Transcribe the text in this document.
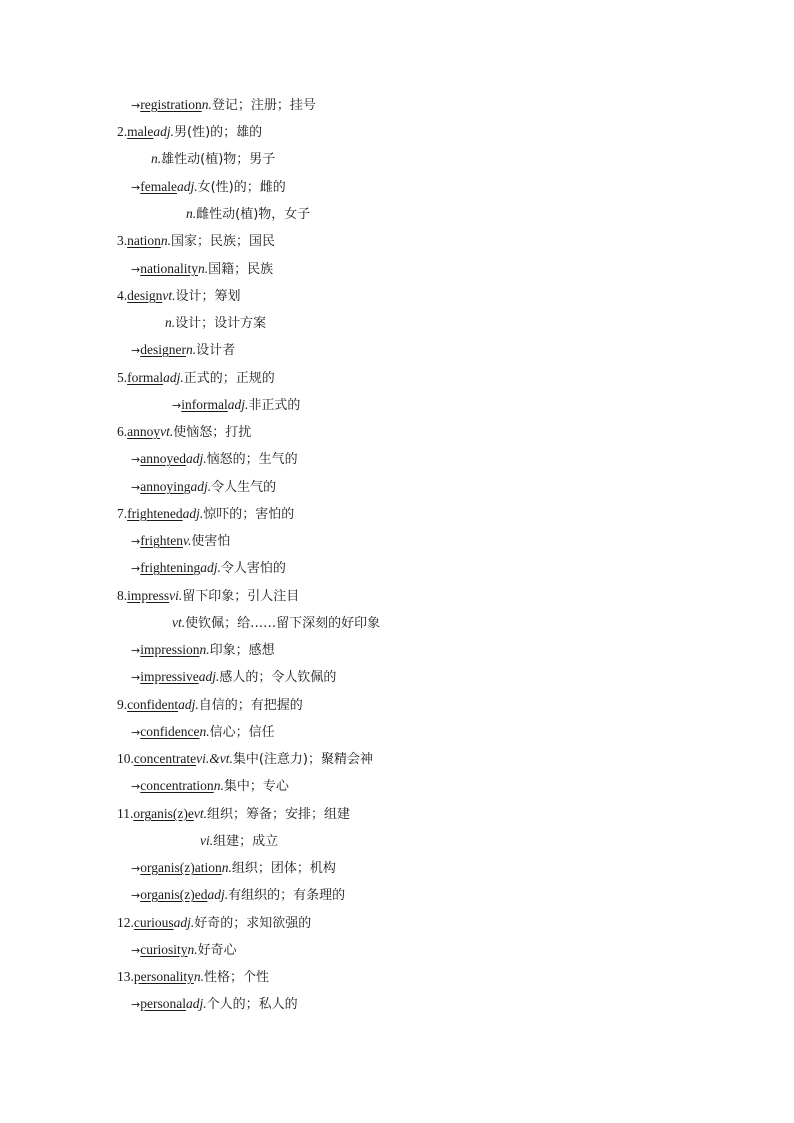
→registrationn.登记；注册；挂号
2.maleadj.男(性)的；雄的
n.雄性动(植)物；男子
→femaleadj.女(性)的；雌的
n.雌性动(植)物，女子
3.nationn.国家；民族；国民
→nationalityn.国籍；民族
4.designvt.设计；筹划
n.设计；设计方案
→designern.设计者
5.formaladj.正式的；正规的
→informaladj.非正式的
6.annoyvt.使恼怒；打扰
→annoyedadj.恼怒的；生气的
→annoyingadj.令人生气的
7.frightenedadj.惊吓的；害怕的
→frightenv.使害怕
→frighteningadj.令人害怕的
8.impressvi.留下印象；引人注目
vt.使钦佩；给……留下深刻的好印象
→impressionn.印象；感想
→impressiveadj.感人的；令人钦佩的
9.confidentadj.自信的；有把握的
→confidencen.信心；信任
10.concentratevi.&vt.集中(注意力)；聚精会神
→concentrationn.集中；专心
11.organis(z)evt.组织；筹备；安排；组建
vi.组建；成立
→organis(z)ationn.组织；团体；机构
→organis(z)edadj.有组织的；有条理的
12.curiousadj.好奇的；求知欲强的
→curiosityn.好奇心
13.personalityn.性格；个性
→personaladj.个人的；私人的
